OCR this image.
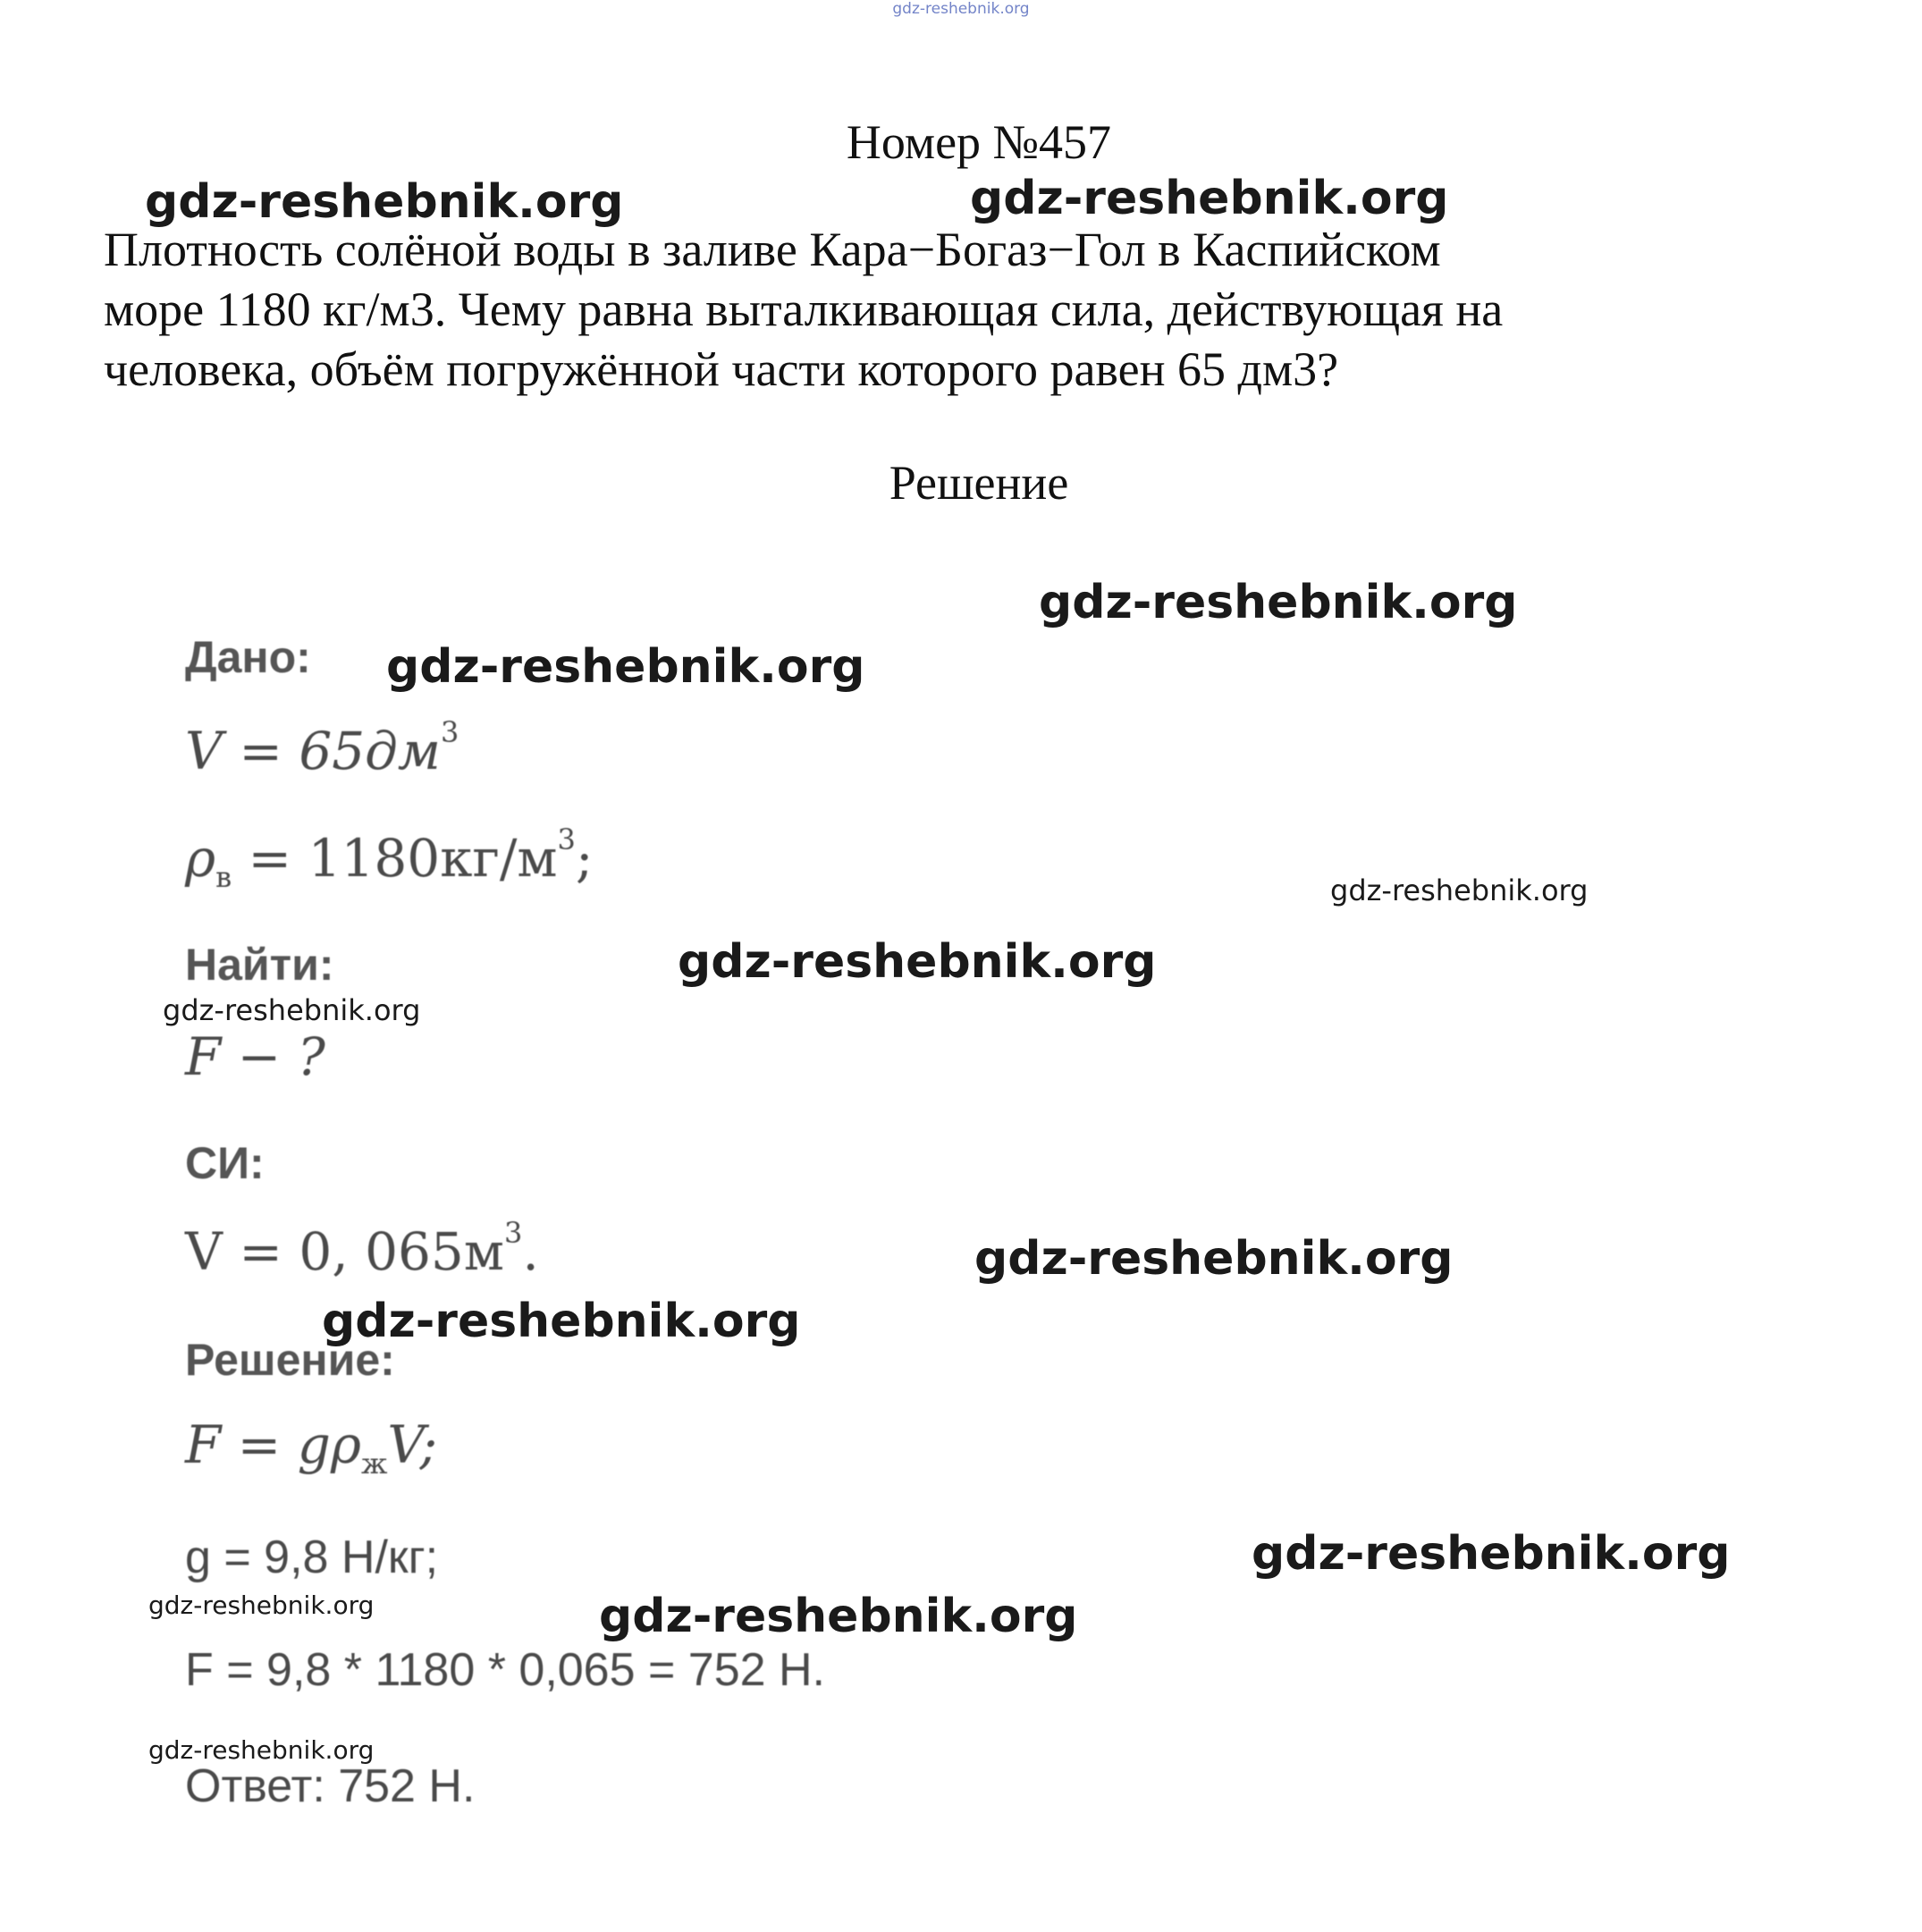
gdz-reshebnik.org
Номер №457
Плотность солёной воды в заливе Кара−Богаз−Гол в Каспийском
море 1180 кг/м3. Чему равна выталкивающая сила, действующая на
человека, объём погружённой части которого равен 65 дм3?
Решение
Дано:
$V = 65дм^3$
$\rho_в = 1180кг/м^3$;
Найти:
F − ?
СИ:
V = 0, $065м^3$.
Решение:
$F = g\rho_жV$;
g = 9,8 Н/кг;
F = 9,8 * 1180 * 0,065 = 752 Н.
Ответ: 752 Н.
gdz-reshebnik.org	gdz-reshebnik.org
gdz-reshebnik.org
gdz-reshebnik.org
gdz-reshebnik.org
gdz-reshebnik.org
gdz-reshebnik.org
gdz-reshebnik.org
gdz-reshebnik.org
gdz-reshebnik.org
gdz-reshebnik.org	gdz-reshebnik.org
gdz-reshebnik.org
